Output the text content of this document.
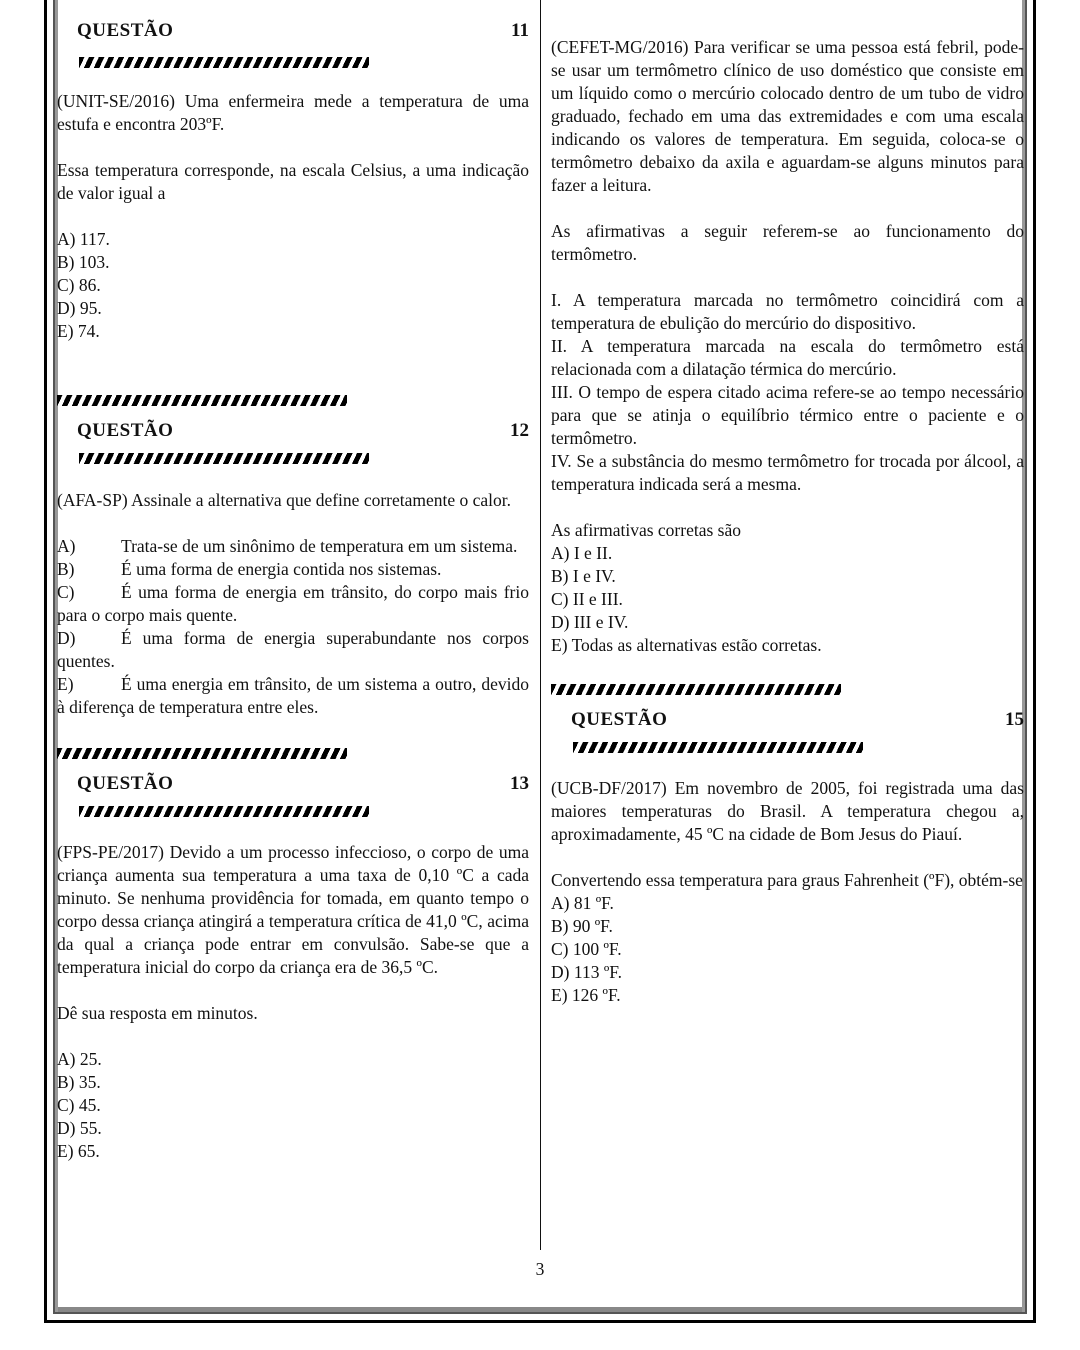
QUESTÃO	11

(UNIT-SE/2016) Uma enfermeira mede a temperatura de uma estufa e encontra 203ºF.

Essa temperatura corresponde, na escala Celsius, a uma indicação de valor igual a

A) 117.
B) 103.
C) 86.
D) 95.
E) 74.
QUESTÃO	12

(AFA-SP) Assinale a alternativa que define corretamente o calor.

A)	Trata-se de um sinônimo de temperatura em um sistema.

B)	É uma forma de energia contida nos sistemas.

C)	É uma forma de energia em trânsito, do corpo mais frio para o corpo mais quente.

D)	É uma forma de energia superabundante nos corpos quentes.

E)	É uma energia em trânsito, de um sistema a outro, devido à diferença de temperatura entre eles.

QUESTÃO	13

(FPS-PE/2017) Devido a um processo infeccioso, o corpo de uma criança aumenta sua temperatura a uma taxa de 0,10 ºC a cada minuto. Se nenhuma providência for tomada, em quanto tempo o corpo dessa criança atingirá a temperatura crítica de 41,0 ºC, acima da qual a criança pode entrar em convulsão. Sabe-se que a temperatura inicial do corpo da criança era de 36,5 ºC.

Dê sua resposta em minutos.

A) 25.
B) 35.
C) 45.
D) 55.
E) 65.

(CEFET-MG/2016) Para verificar se uma pessoa está febril, pode-se usar um termômetro clínico de uso doméstico que consiste em um líquido como o mercúrio colocado dentro de um tubo de vidro graduado, fechado em uma das extremidades e com uma escala indicando os valores de temperatura. Em seguida, coloca-se o termômetro debaixo da axila e aguardam-se alguns minutos para fazer a leitura.

As afirmativas a seguir referem-se ao funcionamento do termômetro.

I. A temperatura marcada no termômetro coincidirá com a temperatura de ebulição do mercúrio do dispositivo.

II. A temperatura marcada na escala do termômetro está relacionada com a dilatação térmica do mercúrio.

III. O tempo de espera citado acima refere-se ao tempo necessário para que se atinja o equilíbrio térmico entre o paciente e o termômetro.

IV. Se a substância do mesmo termômetro for trocada por álcool, a temperatura indicada será a mesma.

As afirmativas corretas são

A) I e II.
B) I e IV.
C) II e III.
D) III e IV.
E) Todas as alternativas estão corretas.
QUESTÃO	15

(UCB-DF/2017) Em novembro de 2005, foi registrada uma das maiores temperaturas do Brasil. A temperatura chegou a, aproximadamente, 45 ºC na cidade de Bom Jesus do Piauí.

Convertendo essa temperatura para graus Fahrenheit (ºF), obtém-se

A) 81 ºF.
B) 90 ºF.
C) 100 ºF.
D) 113 ºF.
E) 126 ºF.
3
